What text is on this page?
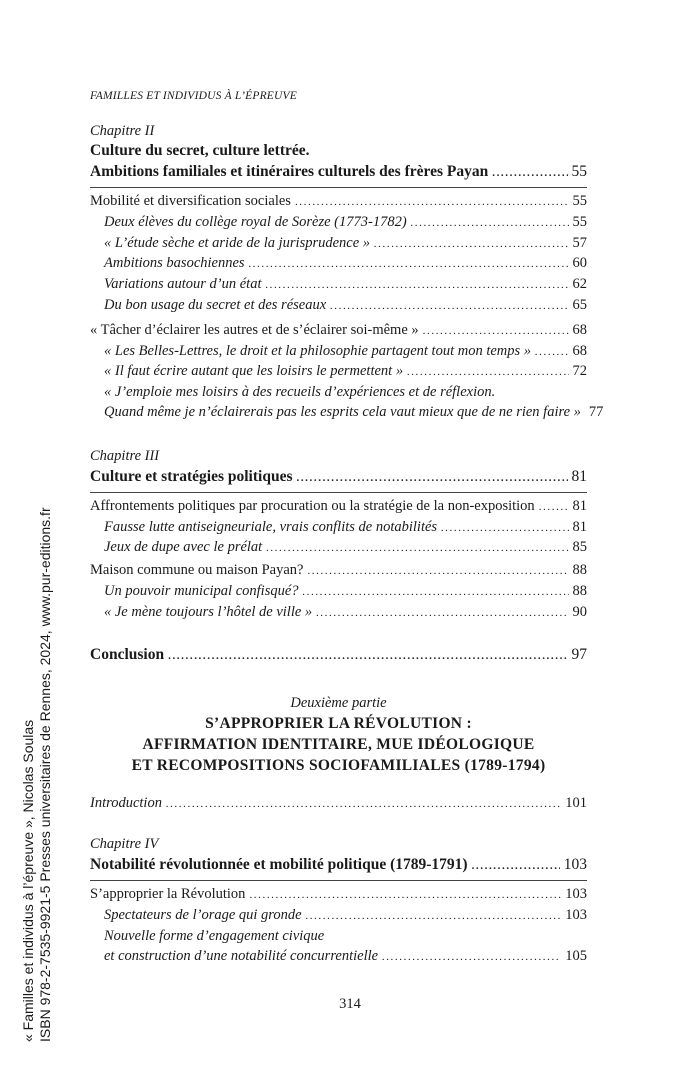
FAMILLES ET INDIVIDUS À L’ÉPREUVE
Chapitre II
Culture du secret, culture lettrée.
Ambitions familiales et itinéraires culturels des frères Payan .....	55
Mobilité et diversification sociales .....	55
Deux élèves du collège royal de Sorèze (1773-1782) .....	55
« L’étude sèche et aride de la jurisprudence » .....	57
Ambitions basochiennes .....	60
Variations autour d’un état .....	62
Du bon usage du secret et des réseaux .....	65
« Tâcher d’éclairer les autres et de s’éclairer soi-même » .....	68
« Les Belles-Lettres, le droit et la philosophie partagent tout mon temps » .....	68
« Il faut écrire autant que les loisirs le permettent » .....	72
« J’emploie mes loisirs à des recueils d’expériences et de réflexion.
Quand même je n’éclairerais pas les esprits cela vaut mieux que de ne rien faire » 77
Chapitre III
Culture et stratégies politiques .....	81
Affrontements politiques par procuration ou la stratégie de la non-exposition .....	81
Fausse lutte antiseigneuriale, vrais conflits de notabilités .....	81
Jeux de dupe avec le prélat .....	85
Maison commune ou maison Payan? .....	88
Un pouvoir municipal confisqué? .....	88
« Je mène toujours l’hôtel de ville » .....	90
Conclusion .....	97
Deuxième partie
S’APPROPRIER LA RÉVOLUTION :
AFFIRMATION IDENTITAIRE, MUE IDÉOLOGIQUE
ET RECOMPOSITIONS SOCIOFAMILIALES (1789-1794)
Introduction .....	101
Chapitre IV
Notabilité révolutionnée et mobilité politique (1789-1791) .....	103
S’approprier la Révolution .....	103
Spectateurs de l’orage qui gronde .....	103
Nouvelle forme d’engagement civique
et construction d’une notabilité concurrentielle .....	105
314
« Familles et individus à l’épreuve », Nicolas Soulas ISBN 978-2-7535-9921-5 Presses universitaires de Rennes, 2024, www.pur-editions.fr
